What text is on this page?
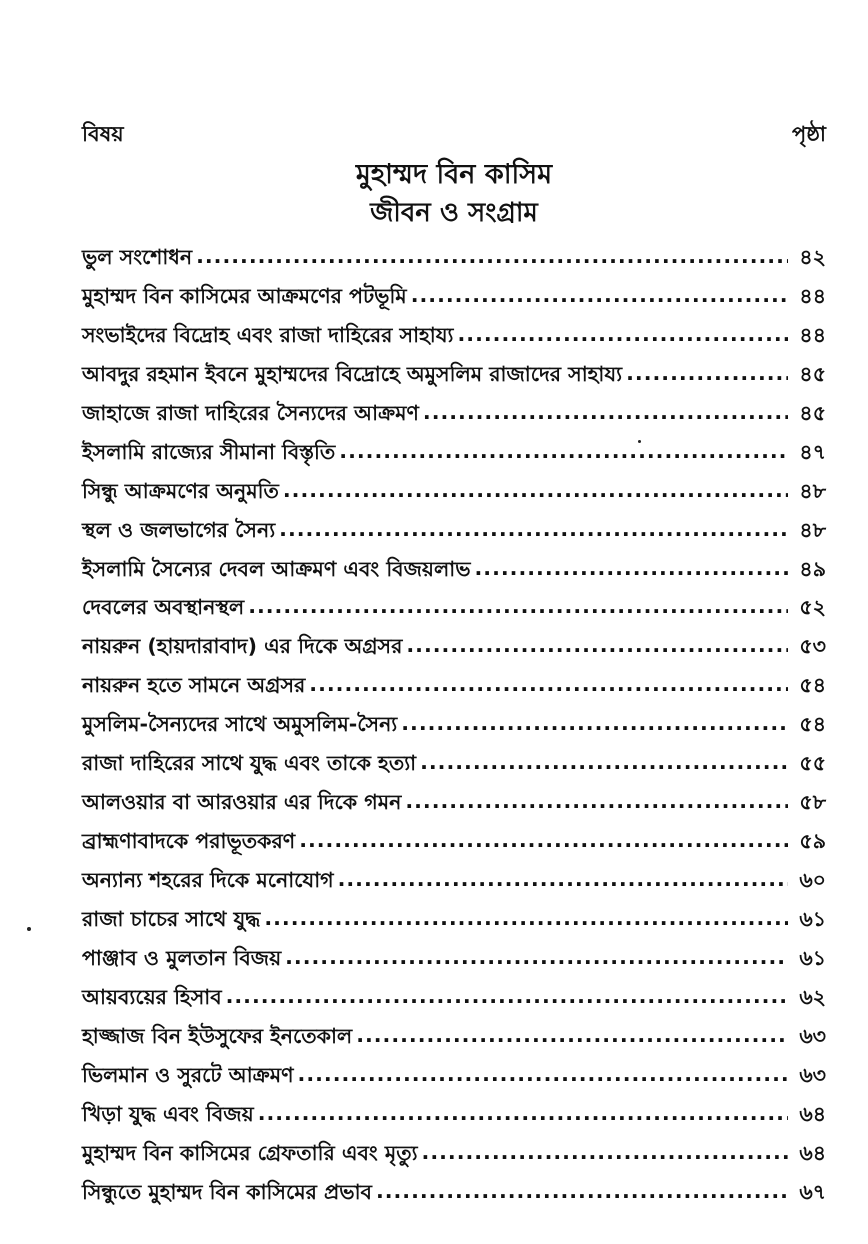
বিষয়	পৃষ্ঠা
মুহাম্মদ বিন কাসিম
জীবন ও সংগ্রাম
ভুল সংশোধন .....	৪২
মুহাম্মদ বিন কাসিমের আক্রমণের পটভূমি .....	৪৪
সংভাইদের বিদ্রোহ এবং রাজা দাহিরের সাহায্য .....	৪৪
আবদুর রহমান ইবনে মুহাম্মদের বিদ্রোহে অমুসলিম রাজাদের সাহায্য .....	৪৫
জাহাজে রাজা দাহিরের সৈন্যদের আক্রমণ .....	৪৫
ইসলামি রাজ্যের সীমানা বিস্তৃতি .....	৪৭
সিন্ধু আক্রমণের অনুমতি .....	৪৮
স্থল ও জলভাগের সৈন্য .....	৪৮
ইসলামি সৈন্যের দেবল আক্রমণ এবং বিজয়লাভ .....	৪৯
দেবলের অবস্থানস্থল .....	৫২
নায়রুন (হায়দারাবাদ) এর দিকে অগ্রসর .....	৫৩
নায়রুন হতে সামনে অগ্রসর .....	৫৪
মুসলিম-সৈন্যদের সাথে অমুসলিম-সৈন্য .....	৫৪
রাজা দাহিরের সাথে যুদ্ধ এবং তাকে হত্যা .....	৫৫
আলওয়ার বা আরওয়ার এর দিকে গমন .....	৫৮
ব্রাহ্মণাবাদকে পরাভূতকরণ .....	৫৯
অন্যান্য শহরের দিকে মনোযোগ .....	৬০
রাজা চাচের সাথে যুদ্ধ .....	৬১
পাঞ্জাব ও মুলতান বিজয় .....	৬১
আয়ব্যয়ের হিসাব .....	৬২
হাজ্জাজ বিন ইউসুফের ইনতেকাল .....	৬৩
ভিলমান ও সুরটে আক্রমণ .....	৬৩
খিড়া যুদ্ধ এবং বিজয় .....	৬৪
মুহাম্মদ বিন কাসিমের গ্রেফতারি এবং মৃত্যু .....	৬৪
সিন্ধুতে মুহাম্মদ বিন কাসিমের প্রভাব .....	৬৭
